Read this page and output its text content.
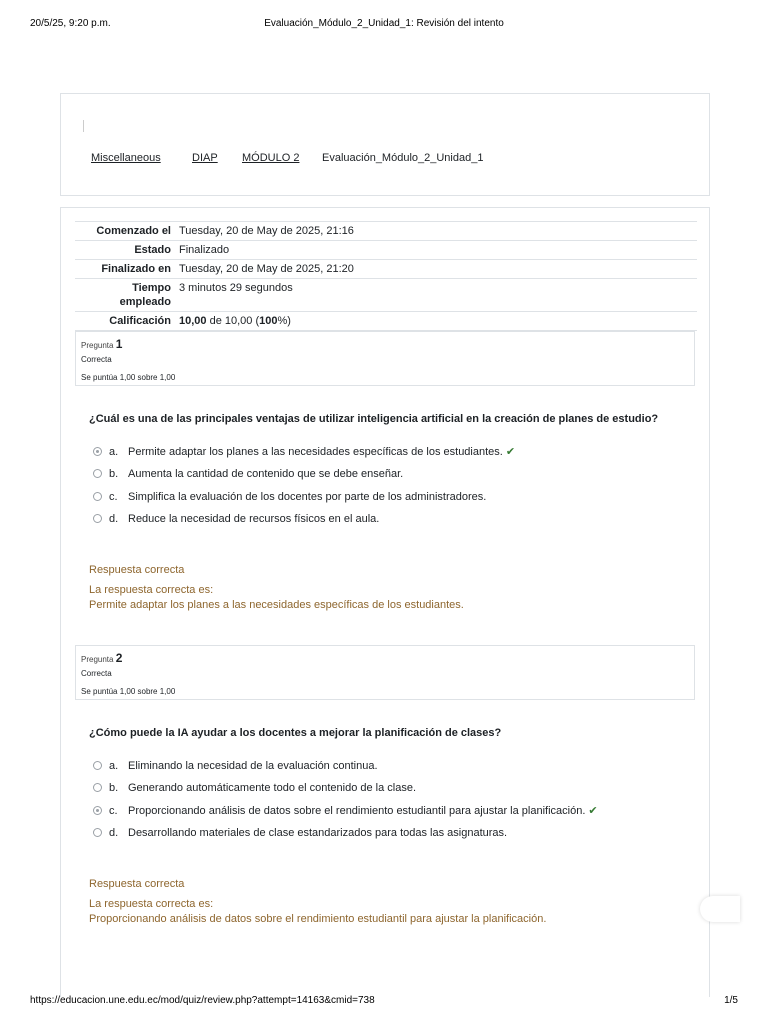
20/5/25, 9:20 p.m.	Evaluación_Módulo_2_Unidad_1: Revisión del intento
Miscellaneous	DIAP MÓDULO 2 Evaluación_Módulo_2_Unidad_1
Comenzado el	Tuesday, 20 de May de 2025, 21:16
Estado	Finalizado
Finalizado en	Tuesday, 20 de May de 2025, 21:20
Tiempo empleado	3 minutos 29 segundos
Calificación	10,00 de 10,00 (100%)
Pregunta 1
Correcta
Se puntúa 1,00 sobre 1,00
¿Cuál es una de las principales ventajas de utilizar inteligencia artificial en la creación de planes de estudio?
a. Permite adaptar los planes a las necesidades específicas de los estudiantes. ✔
b. Aumenta la cantidad de contenido que se debe enseñar.
c. Simplifica la evaluación de los docentes por parte de los administradores.
d. Reduce la necesidad de recursos físicos en el aula.
Respuesta correcta
La respuesta correcta es:
Permite adaptar los planes a las necesidades específicas de los estudiantes.
Pregunta 2
Correcta
Se puntúa 1,00 sobre 1,00
¿Cómo puede la IA ayudar a los docentes a mejorar la planificación de clases?
a. Eliminando la necesidad de la evaluación continua.
b. Generando automáticamente todo el contenido de la clase.
c. Proporcionando análisis de datos sobre el rendimiento estudiantil para ajustar la planificación. ✔
d. Desarrollando materiales de clase estandarizados para todas las asignaturas.
Respuesta correcta
La respuesta correcta es:
Proporcionando análisis de datos sobre el rendimiento estudiantil para ajustar la planificación.
https://educacion.une.edu.ec/mod/quiz/review.php?attempt=14163&cmid=738	1/5
